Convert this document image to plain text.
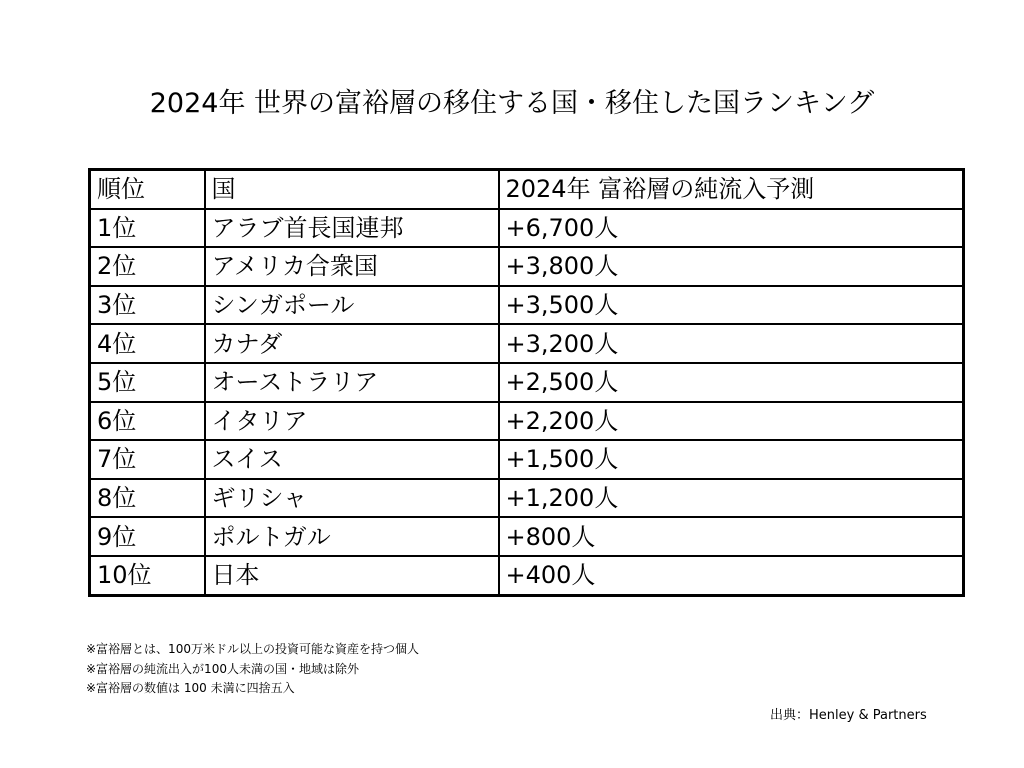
2024年 世界の富裕層の移住する国・移住した国ランキング
順位	国	2024年 富裕層の純流入予測
1位	アラブ首長国連邦	+6,700人
2位	アメリカ合衆国	+3,800人
3位	シンガポール	+3,500人
4位	カナダ	+3,200人
5位	オーストラリア	+2,500人
6位	イタリア	+2,200人
7位	スイス	+1,500人
8位	ギリシャ	+1,200人
9位	ポルトガル	+800人
10位	日本	+400人
※富裕層とは、100万米ドル以上の投資可能な資産を持つ個人
※富裕層の純流出入が100人未満の国・地域は除外
※富裕層の数値は 100 未満に四捨五入
出典：Henley & Partners
